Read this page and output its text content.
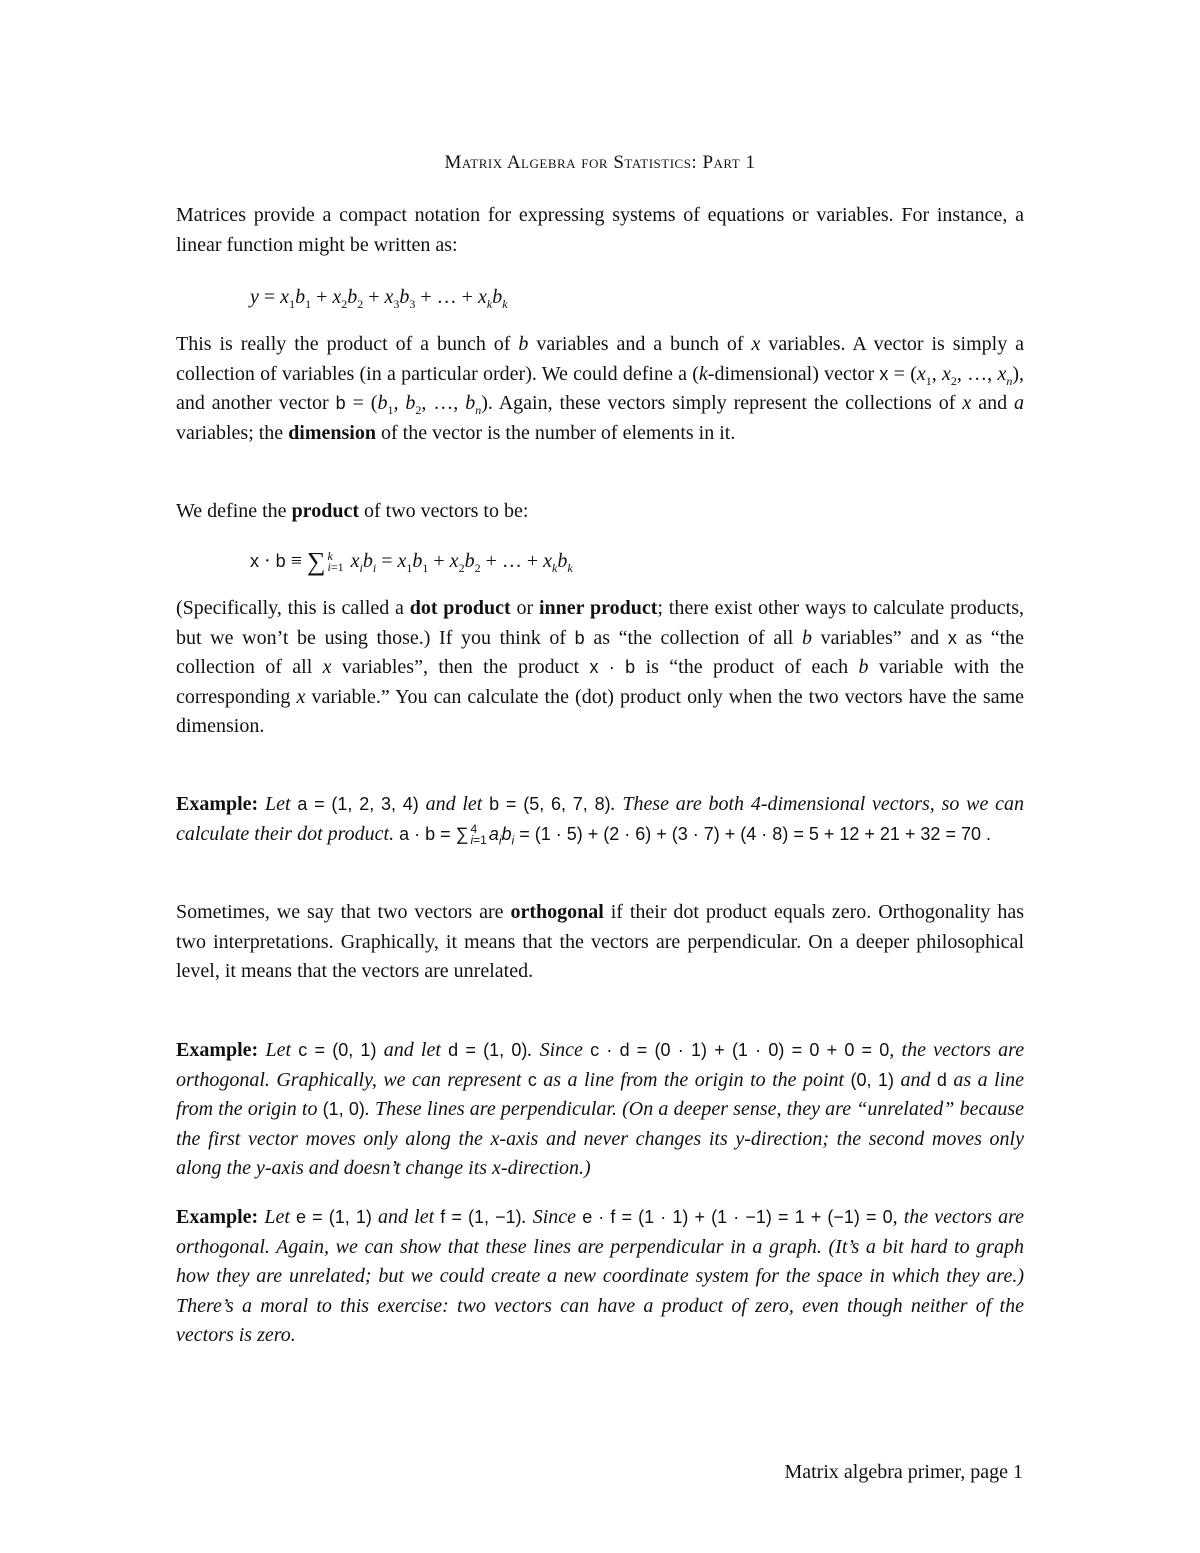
Matrix Algebra for Statistics: Part 1

Matrices provide a compact notation for expressing systems of equations or variables. For instance, a linear function might be written as:

$y = x_1b_1 + x_2b_2 + x_3b_3$ + … + $x_kb_k$

This is really the product of a bunch of b variables and a bunch of x variables. A vector is simply a collection of variables (in a particular order). We could define a (k-dimensional) vector $x = (x_1$, $x_2$, …, $x_n$), and another vector $b = (b_1$, $b_2$, …, $b_n$). Again, these vectors simply represent the collections of x and a variables; the dimension of the vector is the number of elements in it.

We define the product of two vectors to be:

x · b ≡ ∑ k
i=1 $x_ib_i = x_1b_1 + x_2b_2$ + … + $x_kb_k$

(Specifically, this is called a dot product or inner product; there exist other ways to calculate products, but we won’t be using those.) If you think of b as “the collection of all b variables” and x as “the collection of all x variables”, then the product x · b is “the product of each b variable with the corresponding x variable.” You can calculate the (dot) product only when the two vectors have the same dimension.

Example: Let a = (1, 2, 3, 4) and let b = (5, 6, 7, 8). These are both 4-dimensional vectors, so we can calculate their dot product. a · b = ∑ 4
i=1 $a_ib_i = (1 \cdot 5) + (2 \cdot 6) + (3 \cdot 7) + (4 \cdot 8) = 5 + 12 + 21 + 32 = 70$ .

Sometimes, we say that two vectors are orthogonal if their dot product equals zero. Orthogonality has two interpretations. Graphically, it means that the vectors are perpendicular. On a deeper philosophical level, it means that the vectors are unrelated.

Example: Let c = (0, 1) and let d = (1, 0). Since c · d = (0 · 1) + (1 · 0) = 0 + 0 = 0, the vectors are orthogonal. Graphically, we can represent c as a line from the origin to the point (0, 1) and d as a line from the origin to (1, 0). These lines are perpendicular. (On a deeper sense, they are “unrelated” because the first vector moves only along the x-axis and never changes its y-direction; the second moves only along the y-axis and doesn’t change its x-direction.)

Example: Let e = (1, 1) and let f = (1, −1). Since e · f = (1 · 1) + (1 · −1) = 1 + (−1) = 0, the vectors are orthogonal. Again, we can show that these lines are perpendicular in a graph. (It’s a bit hard to graph how they are unrelated; but we could create a new coordinate system for the space in which they are.) There’s a moral to this exercise: two vectors can have a product of zero, even though neither of the vectors is zero.

Matrix algebra primer, page 1
